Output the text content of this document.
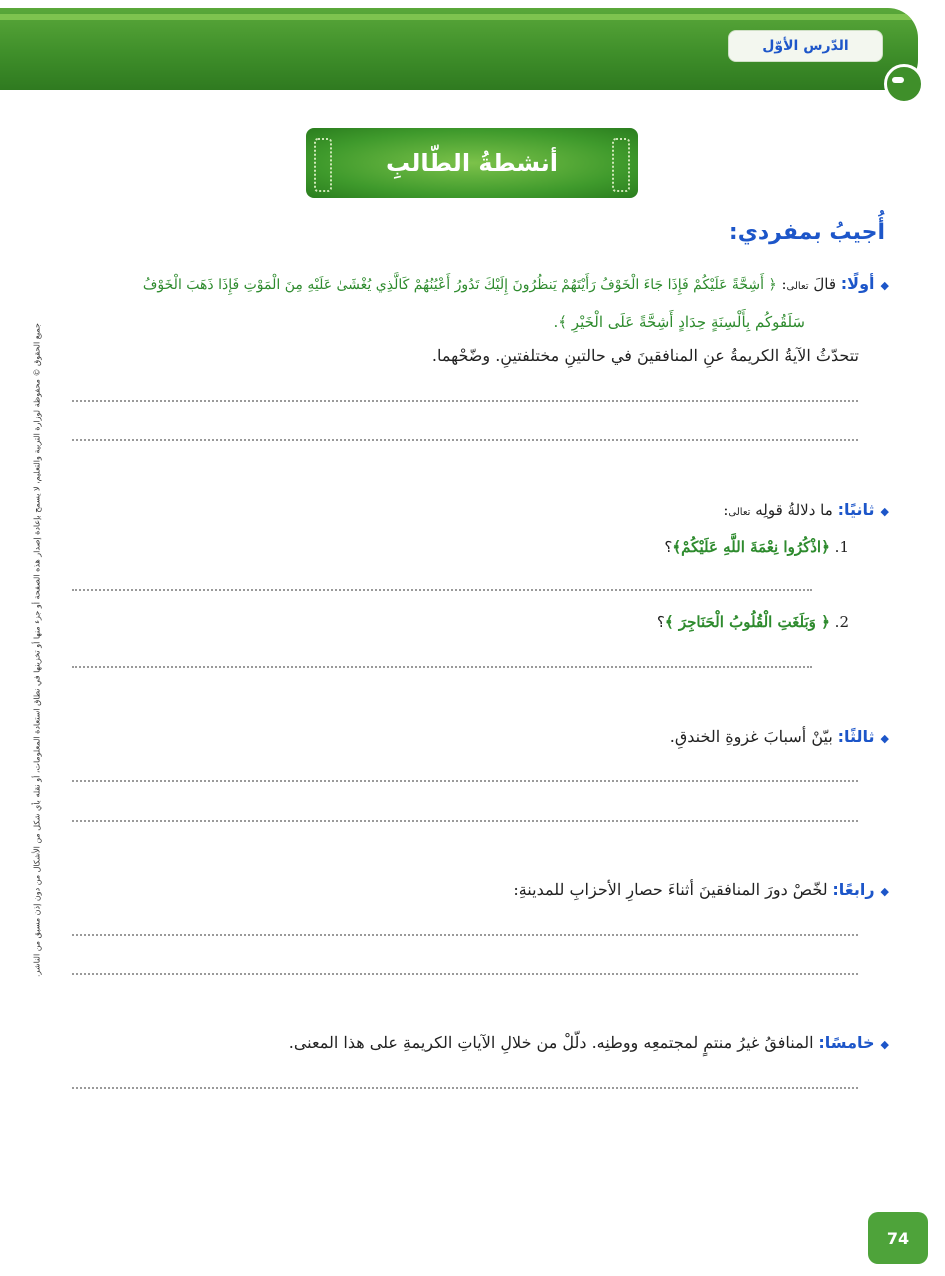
الدّرس الأوّل
أنشطةُ الطّالبِ
أُجيبُ بمفردي:
جميع الحقوق © محفوظة لوزارة التربية والتعليم، لا يسمح بإعادة إصدار هذه الصفحة أو جزء منها أو تخزينها في نطاق استعادة المعلومات، أو نقله بأي شكل من الأشكال من دون إذن مسبق من الناشر.
◆أولًا: قالَ تعالى: ﴿ أَشِحَّةً عَلَيْكُمْ فَإِذَا جَاءَ الْخَوْفُ رَأَيْتَهُمْ يَنظُرُونَ إِلَيْكَ تَدُورُ أَعْيُنُهُمْ كَالَّذِي يُغْشَىٰ عَلَيْهِ مِنَ الْمَوْتِ فَإِذَا ذَهَبَ الْخَوْفُ
سَلَقُوكُم بِأَلْسِنَةٍ حِدَادٍ أَشِحَّةً عَلَى الْخَيْرِ ﴾.
تتحدّثُ الآيةُ الكريمةُ عنِ المنافقينَ في حالتينِ مختلفتينِ. وضّحْهما.
◆ثانيًا: ما دلالةُ قولِه تعالى:
1. ﴿اذْكُرُوا نِعْمَةَ اللَّهِ عَلَيْكُمْ﴾؟
2. ﴿ وَبَلَغَتِ الْقُلُوبُ الْحَنَاجِرَ ﴾؟
◆ثالثًا: بيّنْ أسبابَ غزوةِ الخندقِ.
◆رابعًا: لخّصْ دورَ المنافقينَ أثناءَ حصارِ الأحزابِ للمدينةِ:
◆خامسًا: المنافقُ غيرُ منتمٍ لمجتمعِه ووطنِه. دلّلْ من خلالِ الآياتِ الكريمةِ على هذا المعنى.
74
